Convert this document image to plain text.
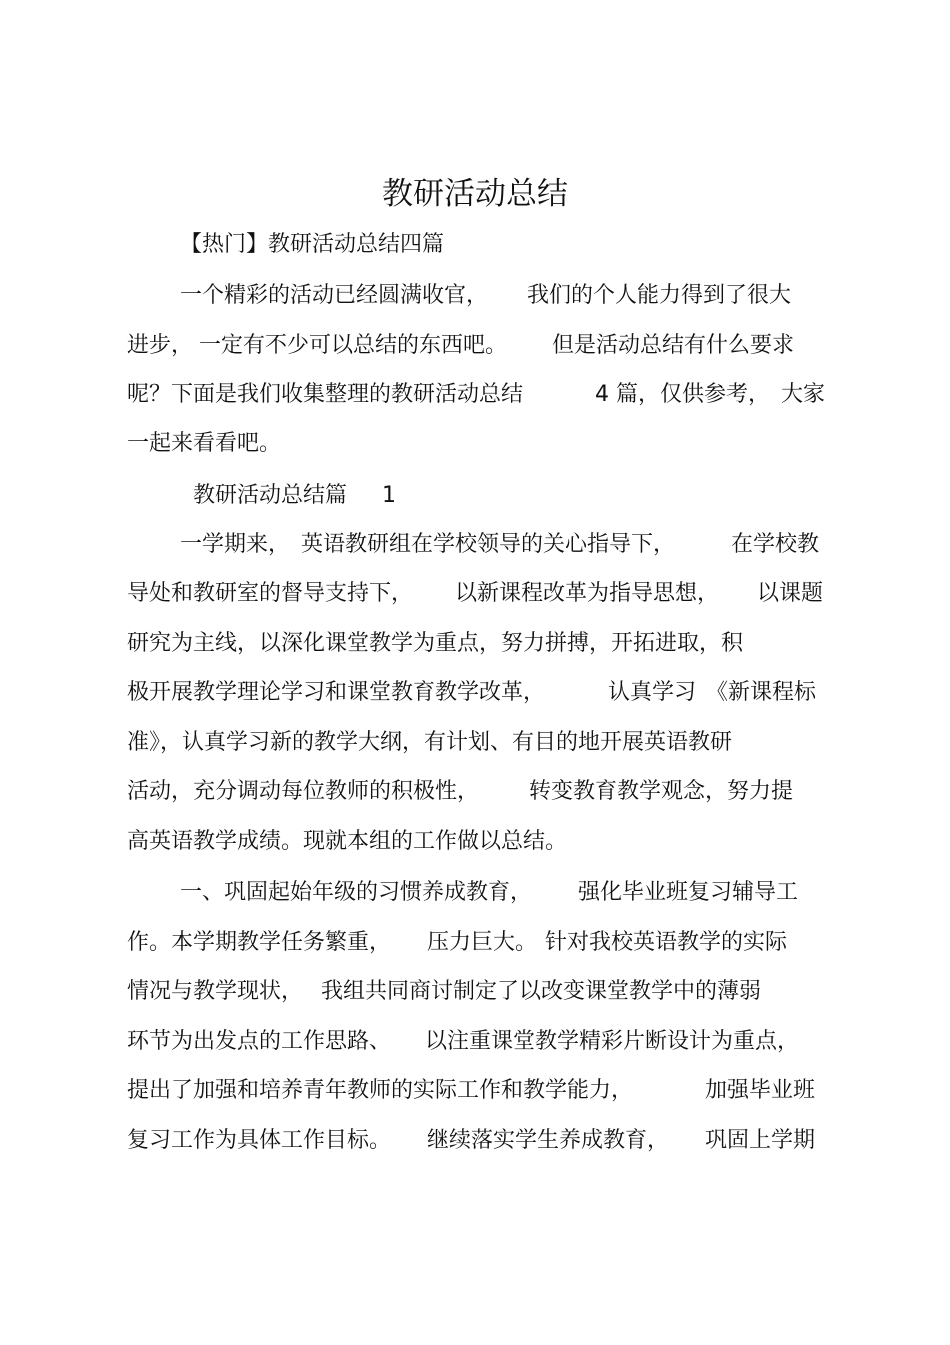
教研活动总结

【热门】教研活动总结四篇

一个精彩的活动已经圆满收官，

我们的个人能力得到了很大

进步，

一定有不少可以总结的东西吧。

但是活动总结有什么要求

呢？下面是我们收集整理的教研活动总结

	4 篇，仅供参考，

大家

一起来看看吧。

教研活动总结篇

1

一学期来，

英语教研组在学校领导的关心指导下，

	在学校教

导处和教研室的督导支持下，

以新课程改革为指导思想，

以课题

研究为主线，以深化课堂教学为重点，努力拼搏，开拓进取，积

极开展教学理论学习和课堂教育教学改革，

	认真学习

《新课程标

准》，认真学习新的教学大纲，有计划、有目的地开展英语教研

活动，充分调动每位教师的积极性，

转变教育教学观念，努力提

高英语教学成绩。现就本组的工作做以总结。

一、巩固起始年级的习惯养成教育，

强化毕业班复习辅导工

作。本学期教学任务繁重，

压力巨大。

针对我校英语教学的实际

情况与教学现状，

我组共同商讨制定了以改变课堂教学中的薄弱

环节为出发点的工作思路、

以注重课堂教学精彩片断设计为重点，

提出了加强和培养青年教师的实际工作和教学能力，

	加强毕业班

复习工作为具体工作目标。

继续落实学生养成教育，

巩固上学期
